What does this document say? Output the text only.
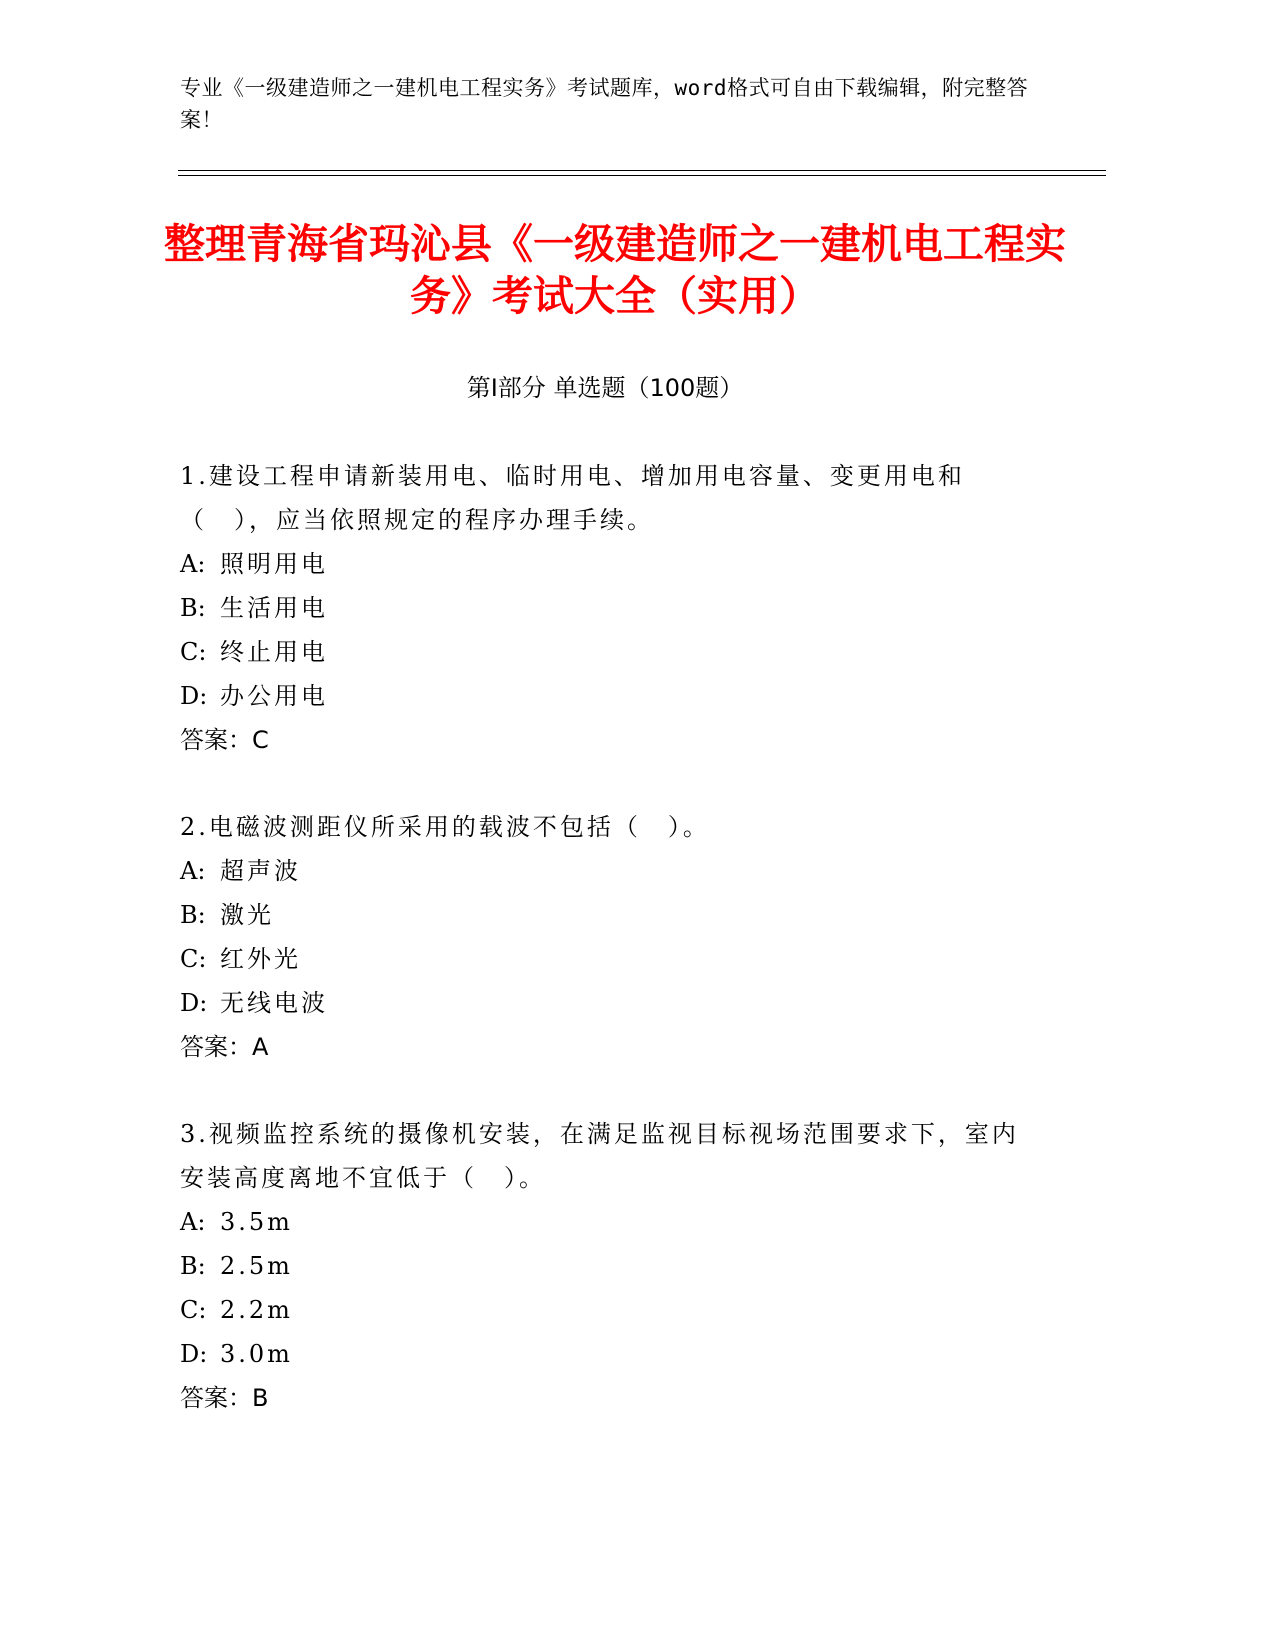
专业《一级建造师之一建机电工程实务》考试题库，word格式可自由下载编辑，附完整答案！
整理青海省玛沁县《一级建造师之一建机电工程实务》考试大全（实用）
第Ⅰ部分 单选题（100题）
1.建设工程申请新装用电、临时用电、增加用电容量、变更用电和（　），应当依照规定的程序办理手续。
A: 照明用电
B: 生活用电
C: 终止用电
D: 办公用电
答案：C
2.电磁波测距仪所采用的载波不包括（　）。
A: 超声波
B: 激光
C: 红外光
D: 无线电波
答案：A
3.视频监控系统的摄像机安装，在满足监视目标视场范围要求下，室内安装高度离地不宜低于（　）。
A: 3.5m
B: 2.5m
C: 2.2m
D: 3.0m
答案：B
